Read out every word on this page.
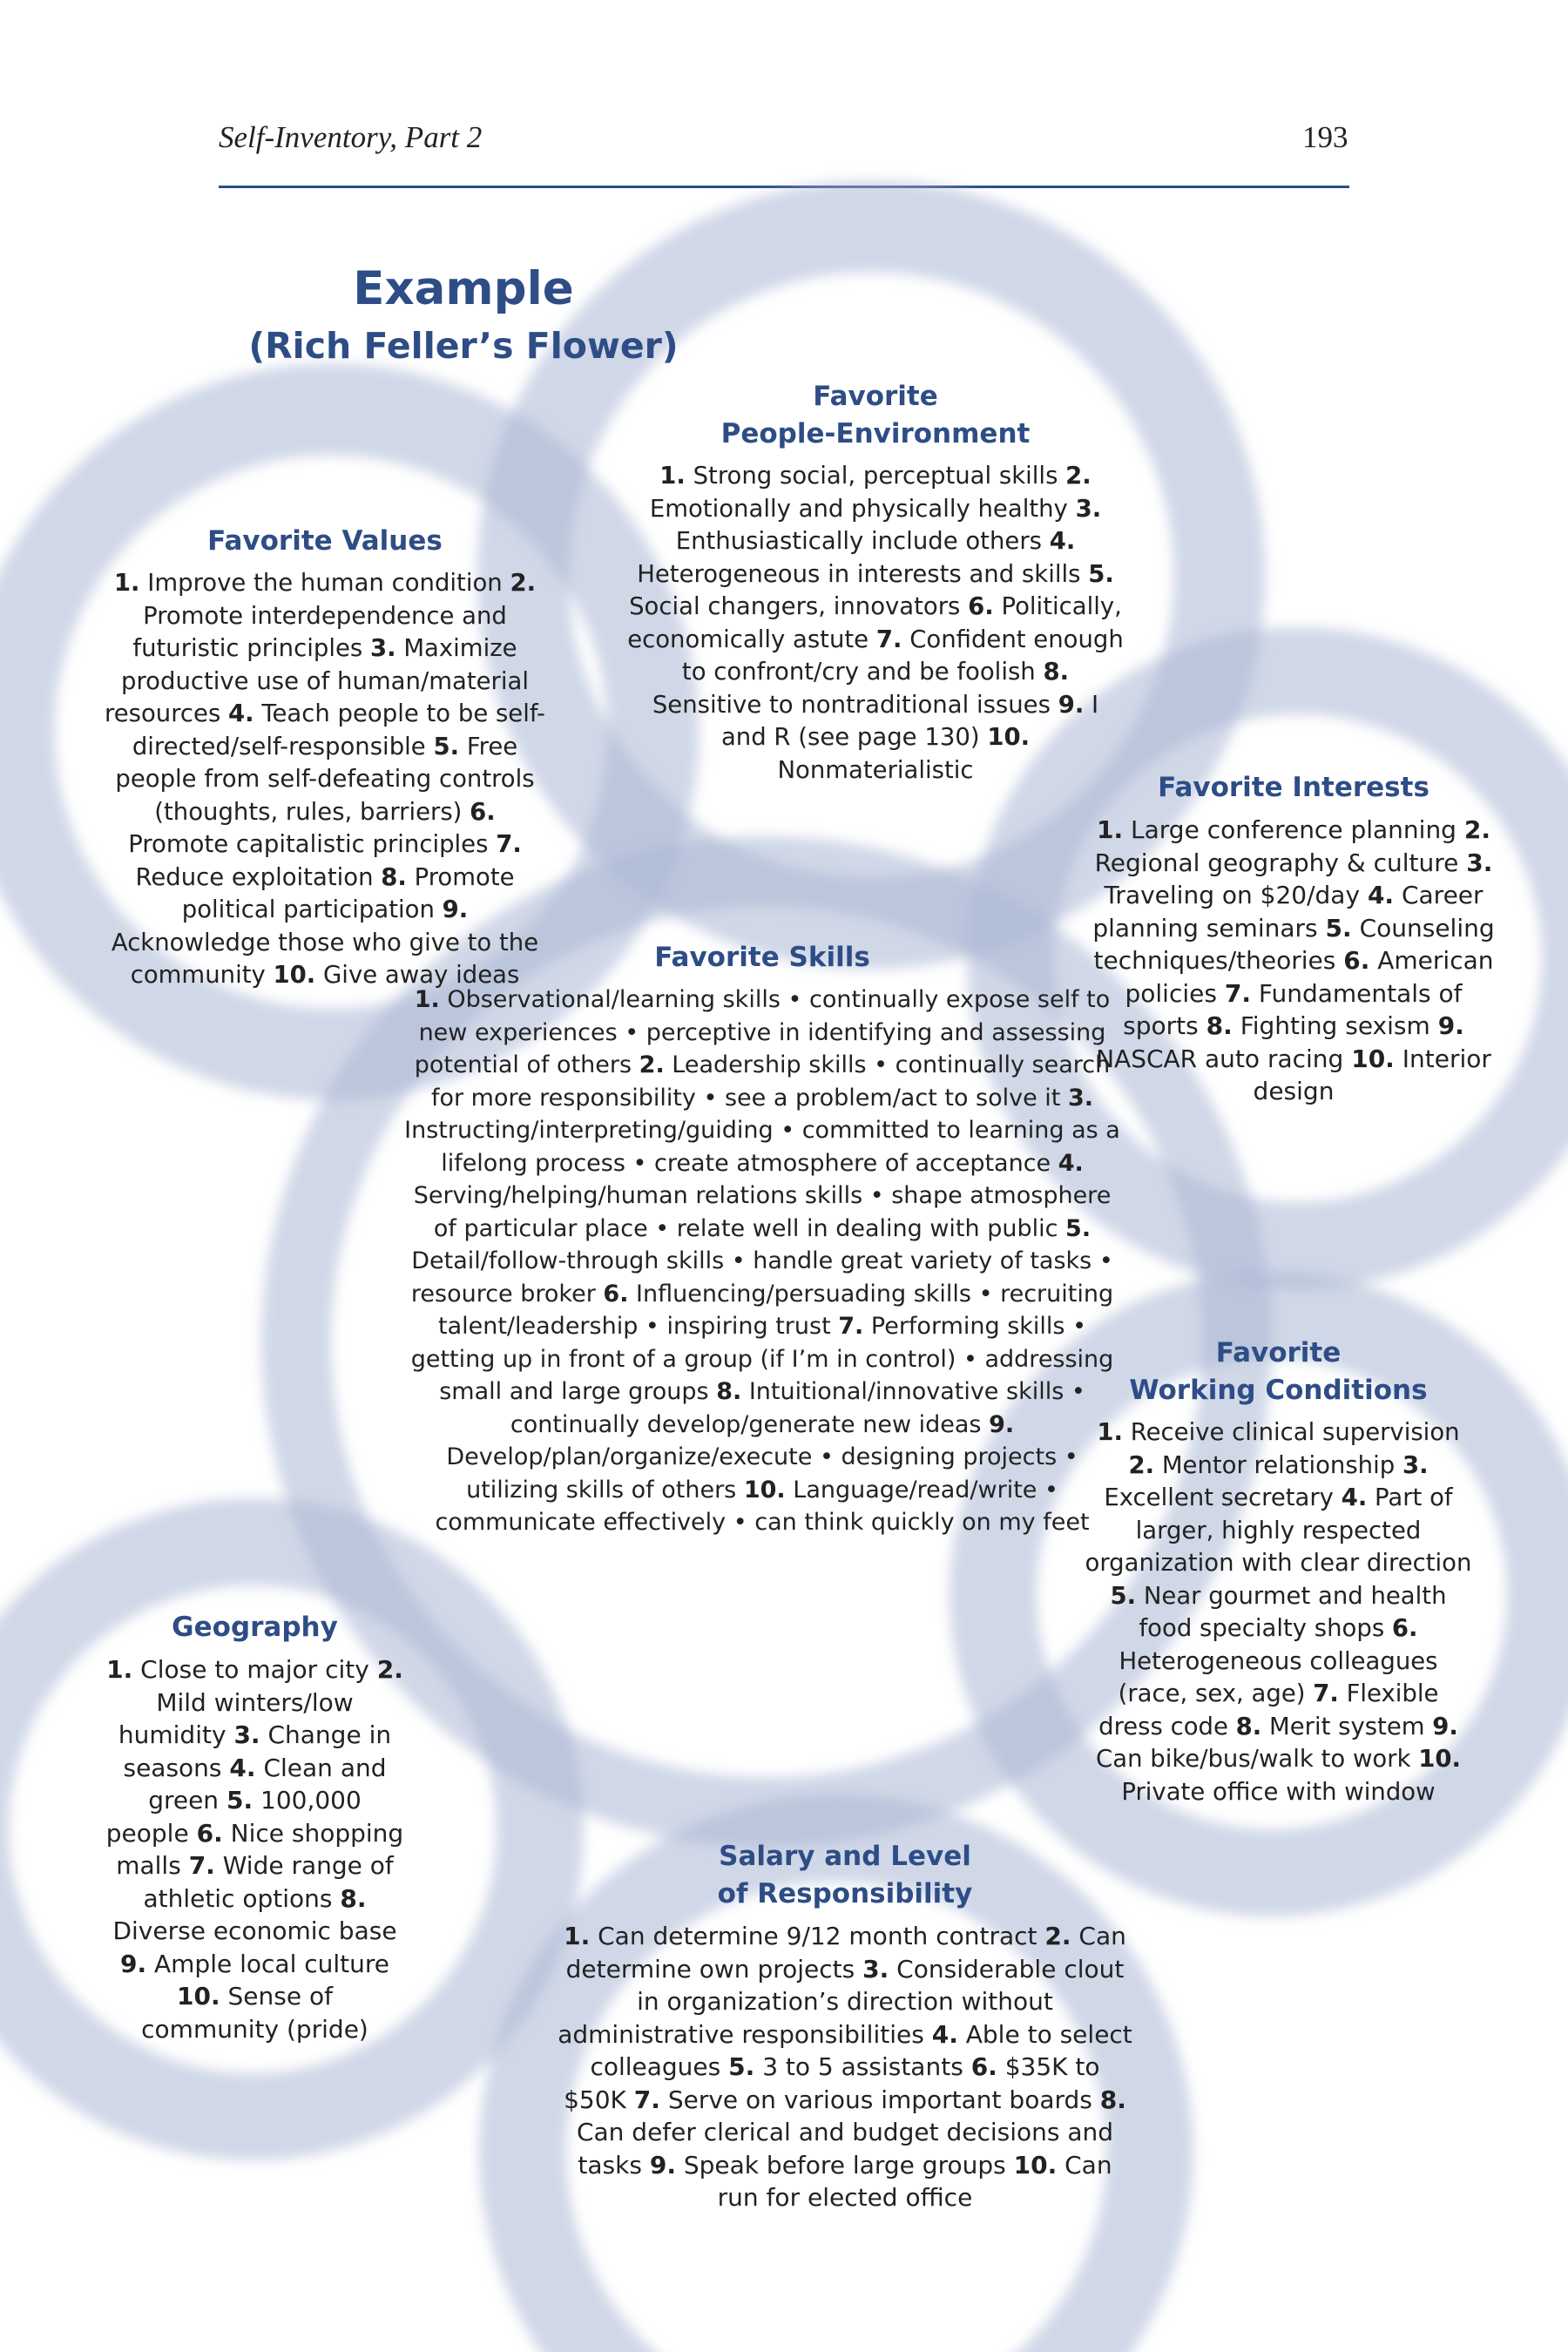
Self-Inventory, Part 2	193
Example
(Rich Feller’s Flower)
Favorite
People-Environment

1. Strong social, perceptual skills 2. Emotionally and physically healthy 3. Enthusiastically include others 4. Heterogeneous in interests and skills 5. Social changers, innovators 6. Politically, economically astute 7. Confident enough to confront/cry and be foolish 8. Sensitive to nontraditional issues 9. I and R (see page 130) 10. Nonmaterialistic

Favorite Values

1. Improve the human condition 2. Promote interdependence and futuristic principles 3. Maximize productive use of human/material resources 4. Teach people to be self-directed/self-responsible 5. Free people from self-defeating controls (thoughts, rules, barriers) 6. Promote capitalistic principles 7. Reduce exploitation 8. Promote political participation 9. Acknowledge those who give to the community 10. Give away ideas

Favorite Interests

1. Large conference planning 2. Regional geography & culture 3. Traveling on $20/day 4. Career planning seminars 5. Counseling techniques/theories 6. American policies 7. Fundamentals of sports 8. Fighting sexism 9. NASCAR auto racing 10. Interior design

Favorite Skills

1. Observational/learning skills • continually expose self to new experiences • perceptive in identifying and assessing potential of others 2. Leadership skills • continually search for more responsibility • see a problem/act to solve it 3. Instructing/interpreting/guiding • committed to learning as a lifelong process • create atmosphere of acceptance 4. Serving/helping/human relations skills • shape atmosphere of particular place • relate well in dealing with public 5. Detail/follow-through skills • handle great variety of tasks • resource broker 6. Influencing/persuading skills • recruiting talent/leadership • inspiring trust 7. Performing skills • getting up in front of a group (if I’m in control) • addressing small and large groups 8. Intuitional/innovative skills • continually develop/generate new ideas 9. Develop/plan/organize/execute • designing projects • utilizing skills of others 10. Language/read/write • communicate effectively • can think quickly on my feet

Favorite
Working Conditions

1. Receive clinical supervision 2. Mentor relationship 3. Excellent secretary 4. Part of larger, highly respected organization with clear direction 5. Near gourmet and health food specialty shops 6. Heterogeneous colleagues (race, sex, age) 7. Flexible dress code 8. Merit system 9. Can bike/bus/walk to work 10. Private office with window

Geography

1. Close to major city 2. Mild winters/low humidity 3. Change in seasons 4. Clean and green 5. 100,000 people 6. Nice shopping malls 7. Wide range of athletic options 8. Diverse economic base 9. Ample local culture 10. Sense of community (pride)

Salary and Level
of Responsibility

1. Can determine 9/12 month contract 2. Can determine own projects 3. Considerable clout in organization’s direction without administrative responsibilities 4. Able to select colleagues 5. 3 to 5 assistants 6. $35K to $50K 7. Serve on various important boards 8. Can defer clerical and budget decisions and tasks 9. Speak before large groups 10. Can run for elected office
